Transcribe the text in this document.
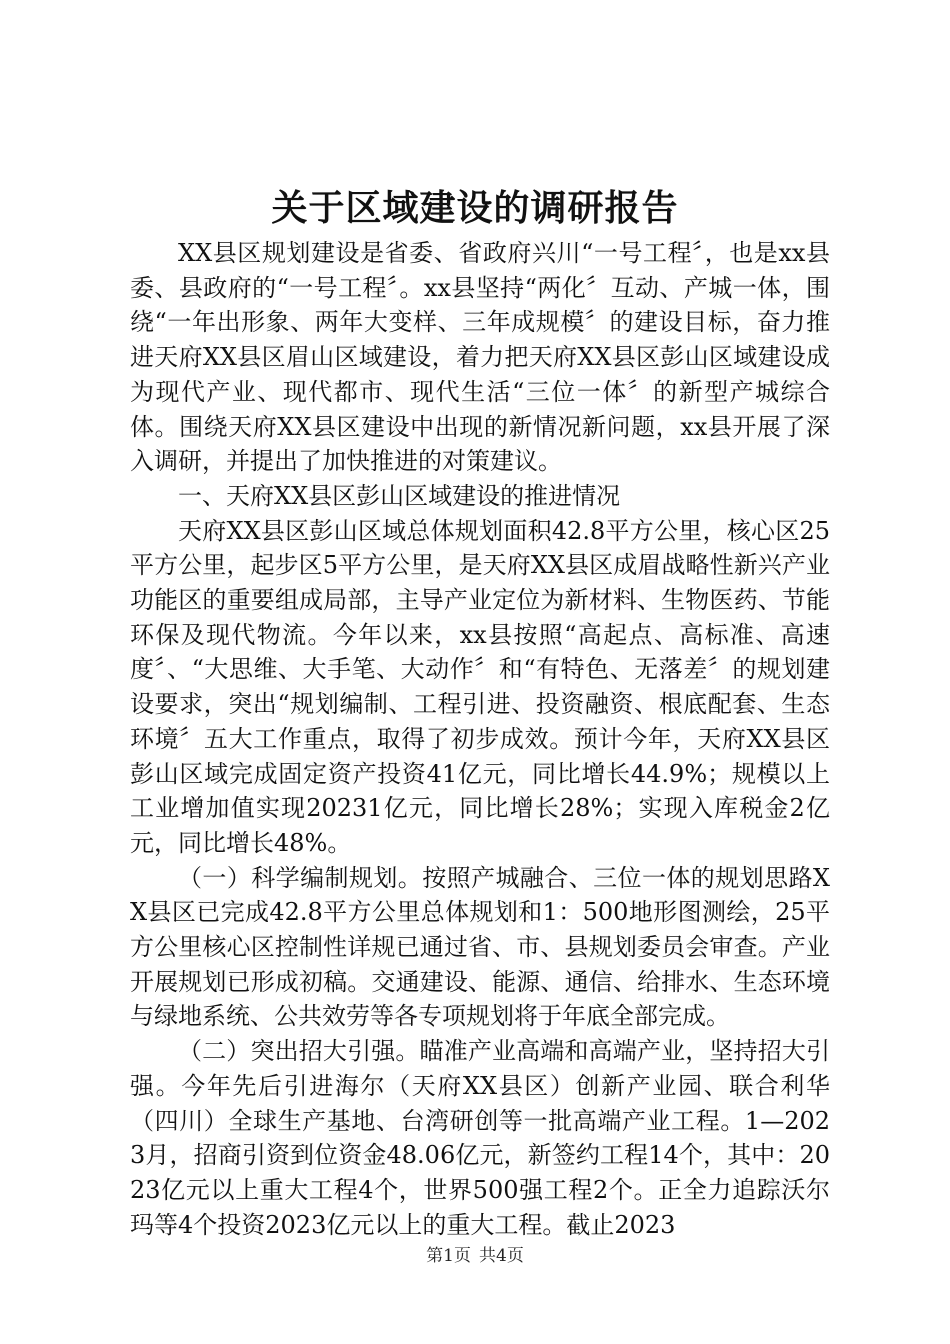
关于区域建设的调研报告

XX县区规划建设是省委、省政府兴川“一号工程〞，也是xx县委、县政府的“一号工程〞。xx县坚持“两化〞互动、产城一体，围绕“一年出形象、两年大变样、三年成规模〞的建设目标，奋力推进天府XX县区眉山区域建设，着力把天府XX县区彭山区域建设成为现代产业、现代都市、现代生活“三位一体〞的新型产城综合体。围绕天府XX县区建设中出现的新情况新问题，xx县开展了深入调研，并提出了加快推进的对策建议。

一、天府XX县区彭山区域建设的推进情况

天府XX县区彭山区域总体规划面积42.8平方公里，核心区25平方公里，起步区5平方公里，是天府XX县区成眉战略性新兴产业功能区的重要组成局部，主导产业定位为新材料、生物医药、节能环保及现代物流。今年以来，xx县按照“高起点、高标准、高速度〞、“大思维、大手笔、大动作〞和“有特色、无落差〞的规划建设要求，突出“规划编制、工程引进、投资融资、根底配套、生态环境〞五大工作重点，取得了初步成效。预计今年，天府XX县区彭山区域完成固定资产投资41亿元，同比增长44.9%；规模以上工业增加值实现20231亿元，同比增长28%；实现入库税金2亿元，同比增长48%。

（一）科学编制规划。按照产城融合、三位一体的规划思路XX县区已完成42.8平方公里总体规划和1：500地形图测绘，25平方公里核心区控制性详规已通过省、市、县规划委员会审查。产业开展规划已形成初稿。交通建设、能源、通信、给排水、生态环境与绿地系统、公共效劳等各专项规划将于年底全部完成。

（二）突出招大引强。瞄准产业高端和高端产业，坚持招大引强。今年先后引进海尔（天府XX县区）创新产业园、联合利华（四川）全球生产基地、台湾研创等一批高端产业工程。1—2023月，招商引资到位资金48.06亿元，新签约工程14个，其中：2023亿元以上重大工程4个，世界500强工程2个。正全力追踪沃尔玛等4个投资2023亿元以上的重大工程。截止2023

第1页 共4页
